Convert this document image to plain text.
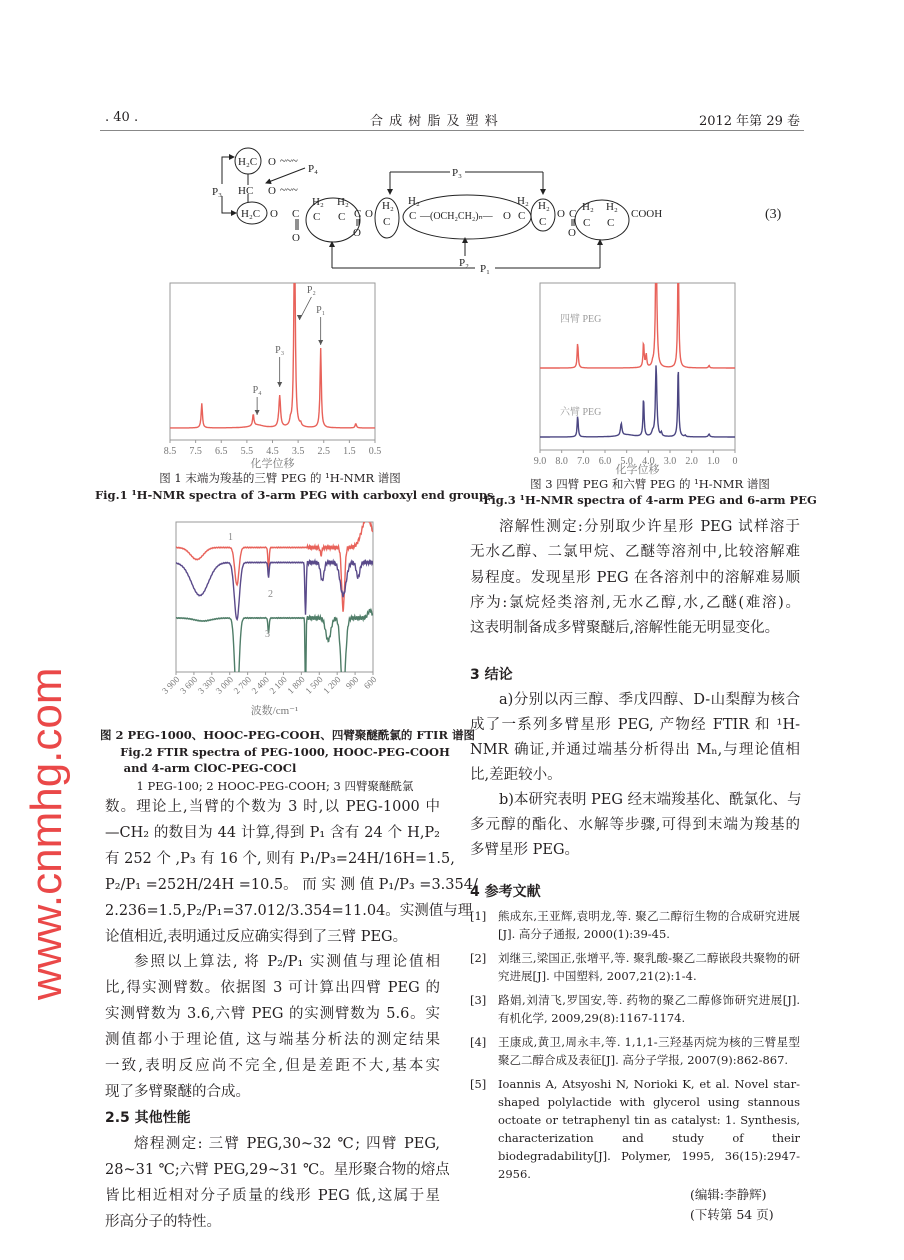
. 40 .	合 成 树 脂 及 塑 料	2012 年第 29 卷
H₂C O ~~~
HC O ~~~
P₄
P₃
H₂C O C
O
H₂
C
H₂
C C
O
O
H₂
C
H₂
C —(OCH₂CH₂)ₙ— O
H₂
C
H₂
C
O C
O
H₂
C
H₂
C
COOH
P₃
P₂ P₁
(3)
8.5 7.5 6.5 5.5 4.5 3.5 2.5 1.5 0.5
化学位移
P₄
P₃
P₂
P₁
图 1 末端为羧基的三臂 PEG 的 ¹H-NMR 谱图
Fig.1 ¹H-NMR spectra of 3-arm PEG with carboxyl end groups
9.0 8.0 7.0 6.0 5.0 4.0 3.0 2.0 1.0 0
化学位移
四臂 PEG
六臂 PEG
图 3 四臂 PEG 和六臂 PEG 的 ¹H-NMR 谱图
Fig.3 ¹H-NMR spectra of 4-arm PEG and 6-arm PEG
3 900
3 600
3 300
3 000
2 700
2 400
2 100
1 800
1 500
1 200 900 600
波数/cm⁻¹
1
2
3
图 2 PEG-1000、HOOC-PEG-COOH、四臂聚醚酰氯的 FTIR 谱图
Fig.2 FTIR spectra of PEG-1000, HOOC-PEG-COOH
and 4-arm ClOC-PEG-COCl
1 PEG-100; 2 HOOC-PEG-COOH; 3 四臂聚醚酰氯
数。理论上,当臂的个数为 3 时,以 PEG-1000 中
—CH₂ 的数目为 44 计算,得到 P₁ 含有 24 个 H,P₂
有 252 个 ,P₃ 有 16 个, 则有 P₁/P₃=24H/16H=1.5,
P₂/P₁ =252H/24H =10.5。 而 实 测 值 P₁/P₃ =3.354/
2.236=1.5,P₂/P₁=37.012/3.354=11.04。实测值与理
论值相近,表明通过反应确实得到了三臂 PEG。
参照以上算法, 将 P₂/P₁ 实测值与理论值相
比,得实测臂数。依据图 3 可计算出四臂 PEG 的
实测臂数为 3.6,六臂 PEG 的实测臂数为 5.6。实
测值都小于理论值, 这与端基分析法的测定结果
一致,表明反应尚不完全,但是差距不大,基本实
现了多臂聚醚的合成。
2.5 其他性能
熔程测定: 三臂 PEG,30~32 ℃; 四臂 PEG,
28~31 ℃;六臂 PEG,29~31 ℃。星形聚合物的熔点
皆比相近相对分子质量的线形 PEG 低,这属于星
形高分子的特性。
溶解性测定:分别取少许星形 PEG 试样溶于
无水乙醇、二氯甲烷、乙醚等溶剂中,比较溶解难
易程度。发现星形 PEG 在各溶剂中的溶解难易顺
序为:氯烷烃类溶剂,无水乙醇,水,乙醚(难溶)。
这表明制备成多臂聚醚后,溶解性能无明显变化。
3 结论
a)分别以丙三醇、季戊四醇、D-山梨醇为核合
成了一系列多臂星形 PEG, 产物经 FTIR 和 ¹H-
NMR 确证,并通过端基分析得出 Mₙ,与理论值相
比,差距较小。
b)本研究表明 PEG 经末端羧基化、酰氯化、与
多元醇的酯化、水解等步骤,可得到末端为羧基的
多臂星形 PEG。
4 参考文献
[1]	熊成东,王亚辉,袁明龙,等. 聚乙二醇衍生物的合成研究进展[J]. 高分子通报, 2000(1):39-45.
[2]	刘继三,梁国正,张增平,等. 聚乳酸-聚乙二醇嵌段共聚物的研究进展[J]. 中国塑料, 2007,21(2):1-4.
[3]	路娟,刘清飞,罗国安,等. 药物的聚乙二醇修饰研究进展[J]. 有机化学, 2009,29(8):1167-1174.
[4]	王康成,黄卫,周永丰,等. 1,1,1-三羟基丙烷为核的三臂星型聚乙二醇合成及表征[J]. 高分子学报, 2007(9):862-867.
[5]	Ioannis A, Atsyoshi N, Norioki K, et al. Novel star-shaped polylactide with glycerol using stannous octoate or tetraphenyl tin as catalyst: 1. Synthesis, characterization and study of their biodegradability[J]. Polymer, 1995, 36(15):2947-2956.
(编辑:李静辉)
(下转第 54 页)
www.cnmhg.com
